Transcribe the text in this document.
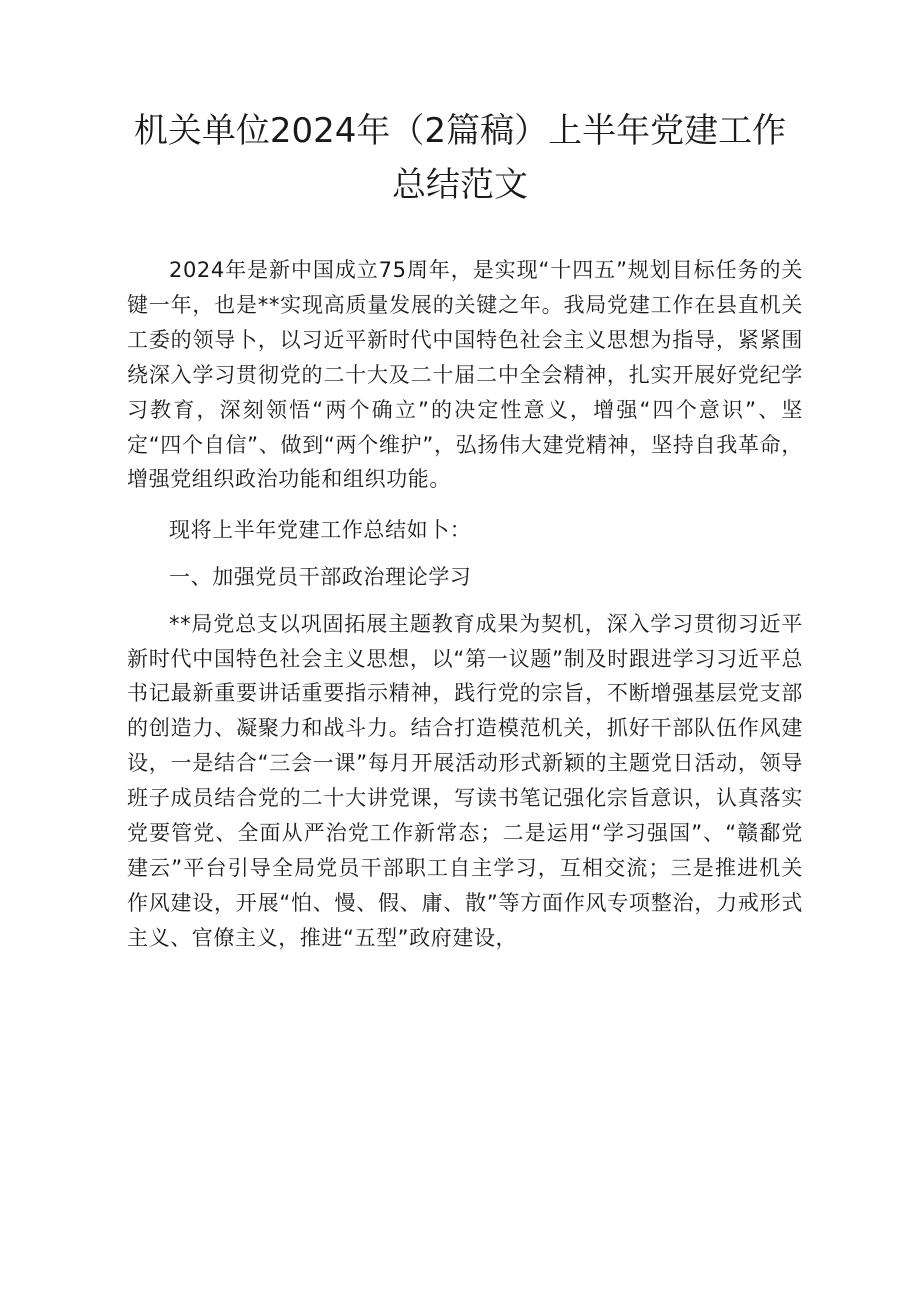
机关单位2024年（2篇稿）上半年党建工作
总结范文

2024年是新中国成立75周年，是实现“十四五”规划目标任务的关键一年，也是**实现高质量发展的关键之年。我局党建工作在县直机关工委的领导卜，以习近平新时代中国特色社会主义思想为指导，紧紧围绕深入学习贯彻党的二十大及二十届二中全会精神，扎实开展好党纪学习教育，深刻领悟“两个确立”的决定性意义，增强“四个意识”、坚定“四个自信”、做到“两个维护”，弘扬伟大建党精神，坚持自我革命，增强党组织政治功能和组织功能。

现将上半年党建工作总结如卜：

一、加强党员干部政治理论学习

**局党总支以巩固拓展主题教育成果为契机，深入学习贯彻习近平新时代中国特色社会主义思想，以“第一议题”制及时跟进学习习近平总书记最新重要讲话重要指示精神，践行党的宗旨，不断增强基层党支部的创造力、凝聚力和战斗力。结合打造模范机关，抓好干部队伍作风建设，一是结合“三会一课”每月开展活动形式新颖的主题党日活动，领导班子成员结合党的二十大讲党课，写读书笔记强化宗旨意识，认真落实党要管党、全面从严治党工作新常态；二是运用“学习强国”、“赣鄱党建云”平台引导全局党员干部职工自主学习，互相交流；三是推进机关作风建设，开展“怕、慢、假、庸、散”等方面作风专项整治，力戒形式主义、官僚主义，推进“五型”政府建设，
